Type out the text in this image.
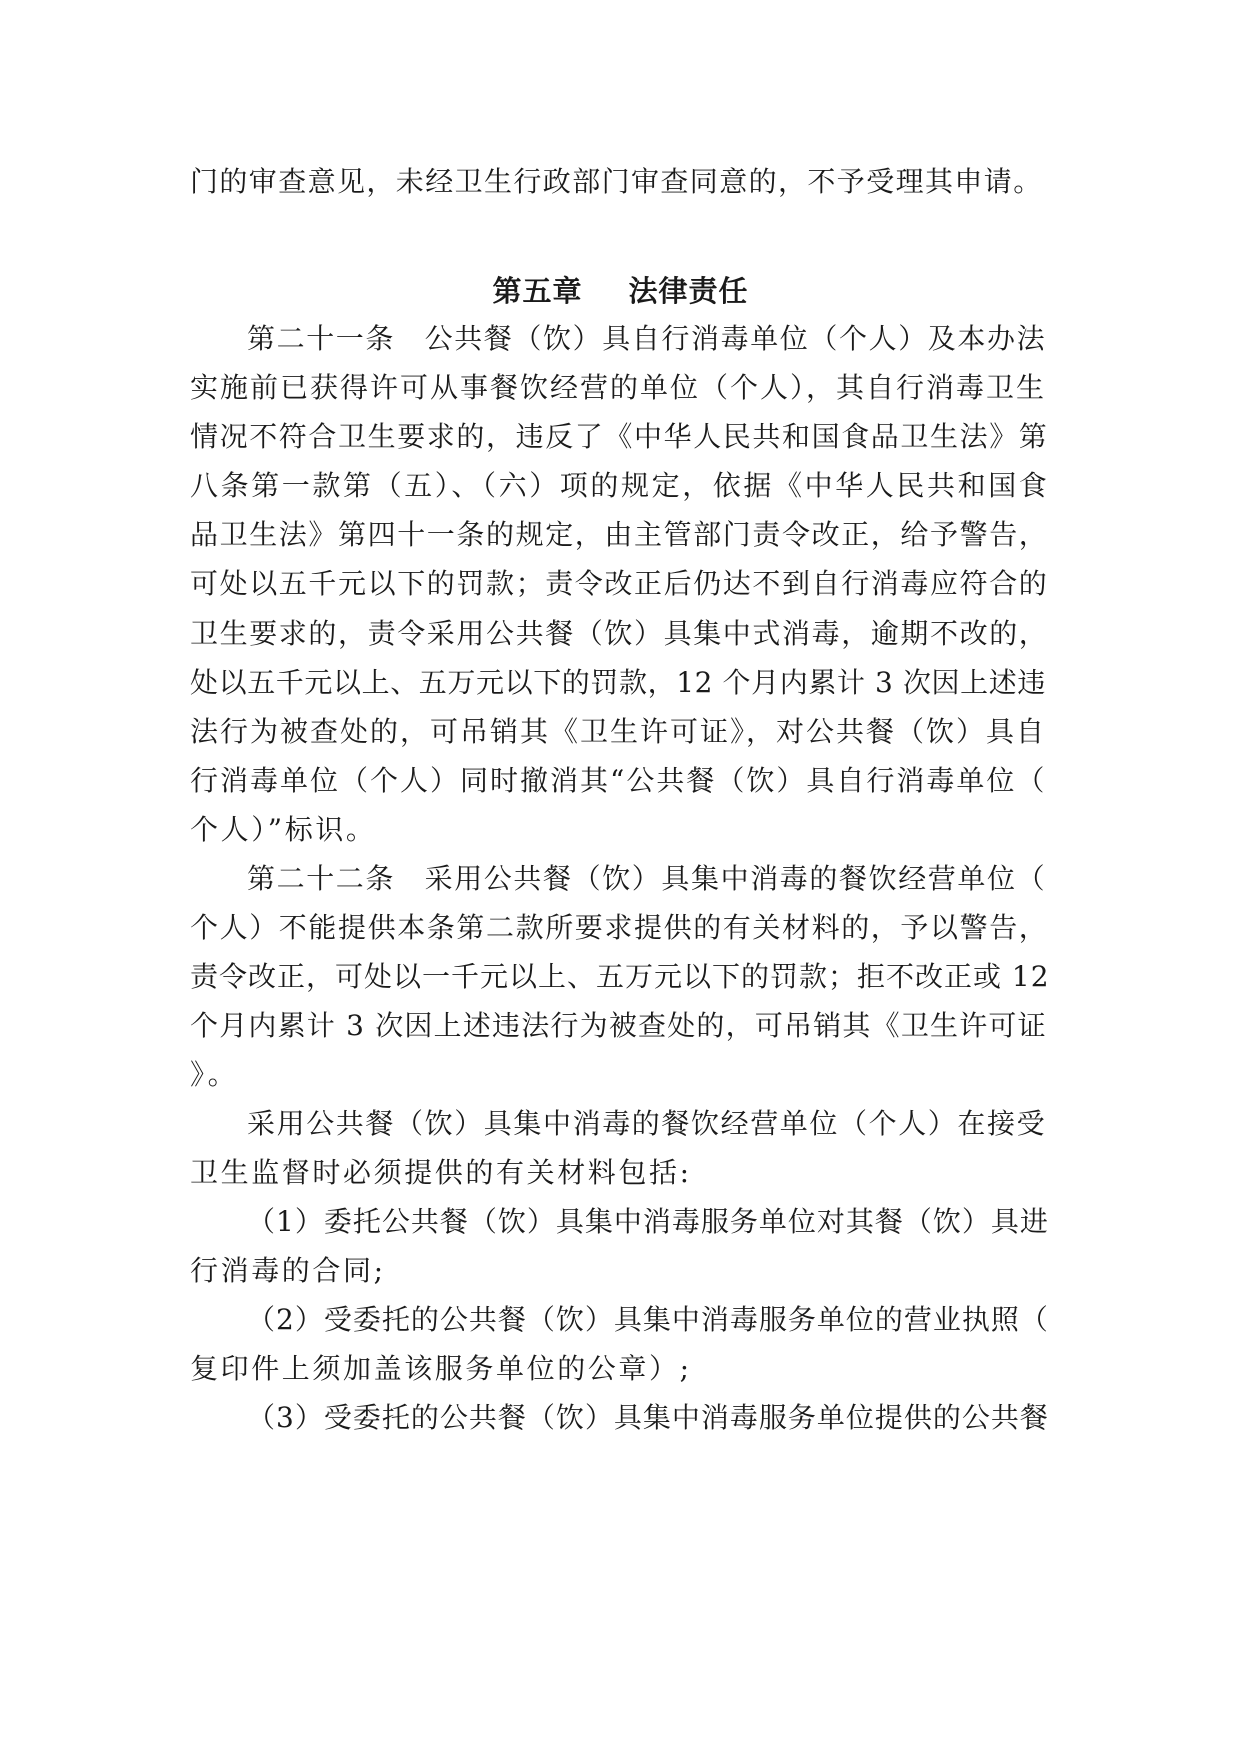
门的审查意见，未经卫生行政部门审查同意的，不予受理其申请。
第五章 法律责任
第二十一条　公共餐（饮）具自行消毒单位（个人）及本办法
实施前已获得许可从事餐饮经营的单位（个人），其自行消毒卫生
情况不符合卫生要求的，违反了《中华人民共和国食品卫生法》第
八条第一款第（五）、（六）项的规定，依据《中华人民共和国食
品卫生法》第四十一条的规定，由主管部门责令改正，给予警告，
可处以五千元以下的罚款；责令改正后仍达不到自行消毒应符合的
卫生要求的，责令采用公共餐（饮）具集中式消毒，逾期不改的，
处以五千元以上、五万元以下的罚款，12 个月内累计 3 次因上述违
法行为被查处的，可吊销其《卫生许可证》，对公共餐（饮）具自
行消毒单位（个人）同时撤消其“公共餐（饮）具自行消毒单位（
个人）”标识。
第二十二条　采用公共餐（饮）具集中消毒的餐饮经营单位（
个人）不能提供本条第二款所要求提供的有关材料的，予以警告，
责令改正，可处以一千元以上、五万元以下的罚款；拒不改正或 12
个月内累计 3 次因上述违法行为被查处的，可吊销其《卫生许可证
》。
采用公共餐（饮）具集中消毒的餐饮经营单位（个人）在接受
卫生监督时必须提供的有关材料包括:
（1）委托公共餐（饮）具集中消毒服务单位对其餐（饮）具进
行消毒的合同;
（2）受委托的公共餐（饮）具集中消毒服务单位的营业执照（
复印件上须加盖该服务单位的公章）;
（3）受委托的公共餐（饮）具集中消毒服务单位提供的公共餐
